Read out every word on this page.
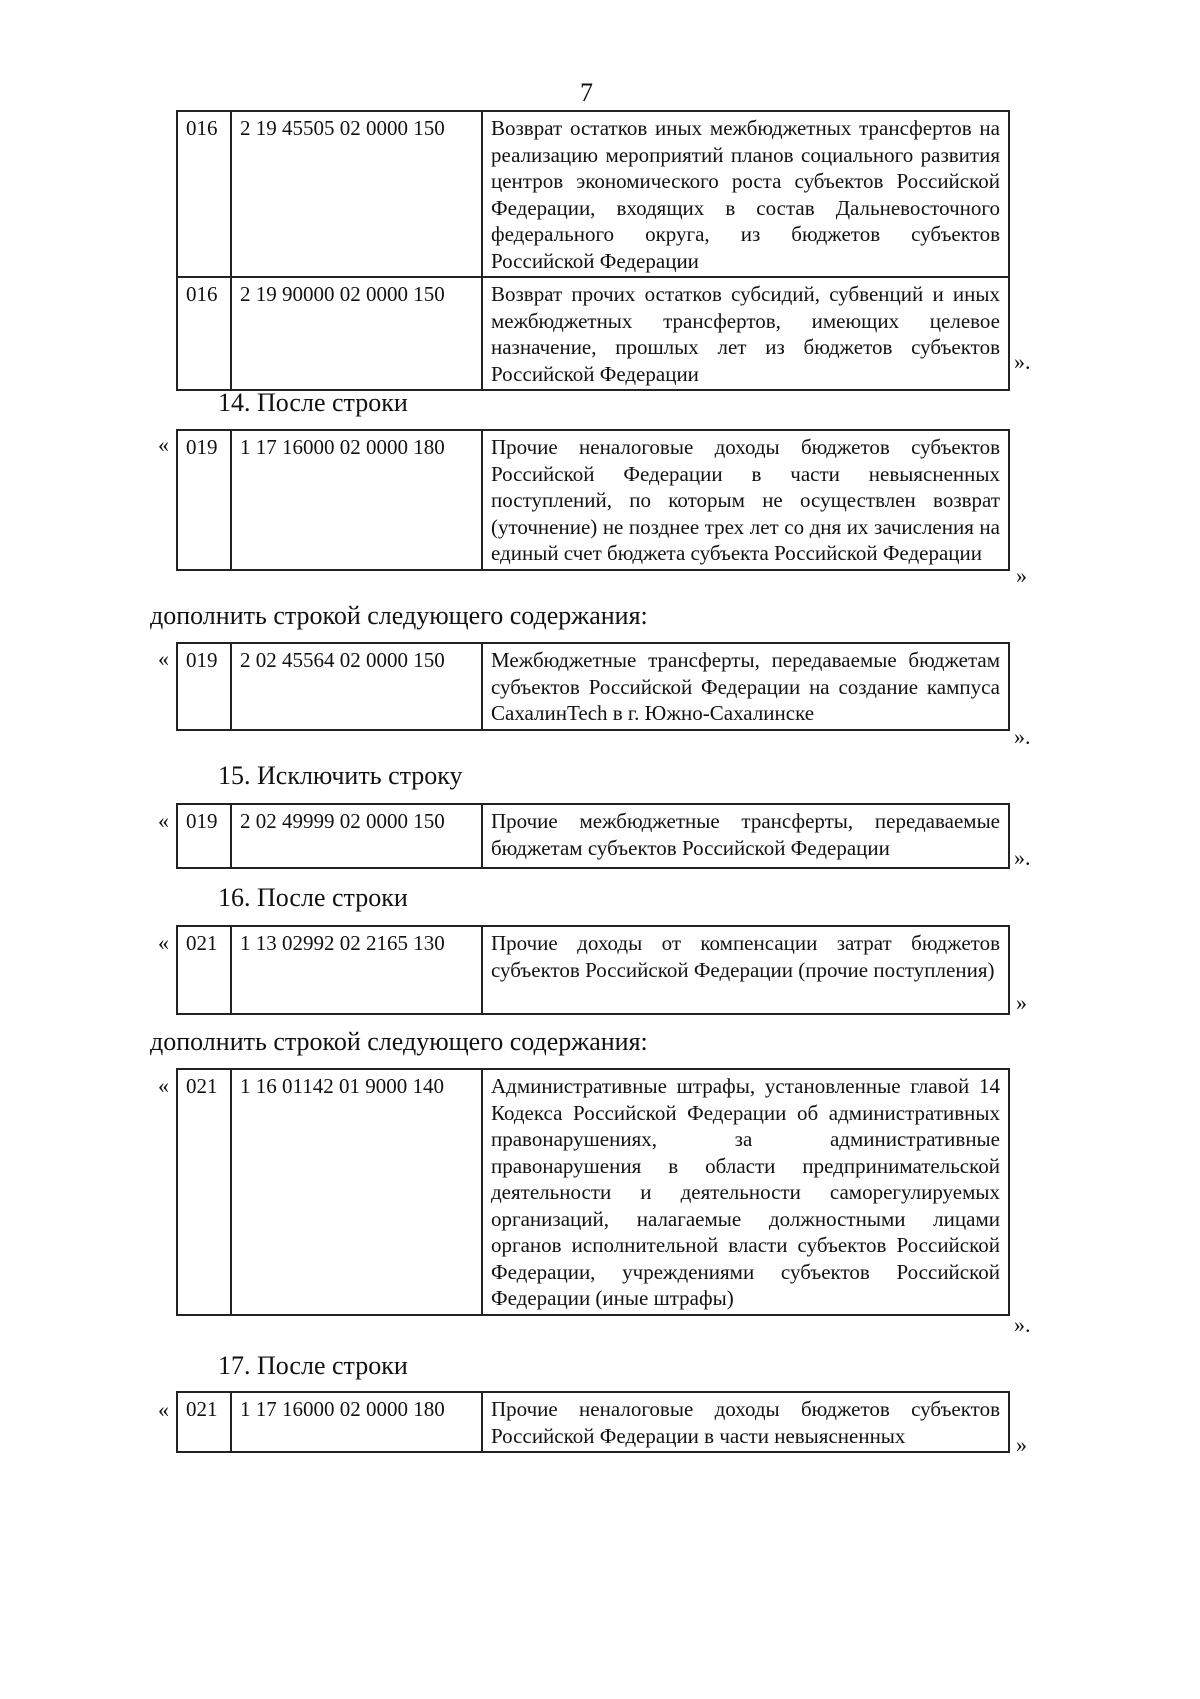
7
016	2 19 45505 02 0000 150	Возврат остатков иных межбюджетных трансфертов на реализацию мероприятий планов социального развития центров экономического роста субъектов Российской Федерации, входящих в состав Дальневосточного федерального округа, из бюджетов субъектов Российской Федерации

016	2 19 90000 02 0000 150	Возврат прочих остатков субсидий, субвенций и иных межбюджетных трансфертов, имеющих целевое назначение, прошлых лет из бюджетов субъектов Российской Федерации	».
14. После строки
« 019	1 17 16000 02 0000 180	Прочие неналоговые доходы бюджетов субъектов Российской Федерации в части невыясненных поступлений, по которым не осуществлен возврат (уточнение) не позднее трех лет со дня их зачисления на единый счет бюджета субъекта Российской Федерации
»
дополнить строкой следующего содержания:
« 019	2 02 45564 02 0000 150	Межбюджетные трансферты, передаваемые бюджетам субъектов Российской Федерации на создание кампуса СахалинTech в г. Южно-Сахалинске
».
15. Исключить строку
« 019	2 02 49999 02 0000 150	Прочие межбюджетные трансферты, передаваемые бюджетам субъектов Российской Федерации	».
16. После строки
« 021	1 13 02992 02 2165 130	Прочие доходы от компенсации затрат бюджетов субъектов Российской Федерации (прочие поступления)
»
дополнить строкой следующего содержания:
« 021	1 16 01142 01 9000 140	Административные штрафы, установленные главой 14 Кодекса Российской Федерации об административных правонарушениях, за административные правонарушения в области предпринимательской деятельности и деятельности саморегулируемых организаций, налагаемые должностными лицами органов исполнительной власти субъектов Российской Федерации, учреждениями субъектов Российской Федерации (иные штрафы)
».
17. После строки
« 021	1 17 16000 02 0000 180	Прочие неналоговые доходы бюджетов субъектов Российской Федерации в части невыясненных	»
